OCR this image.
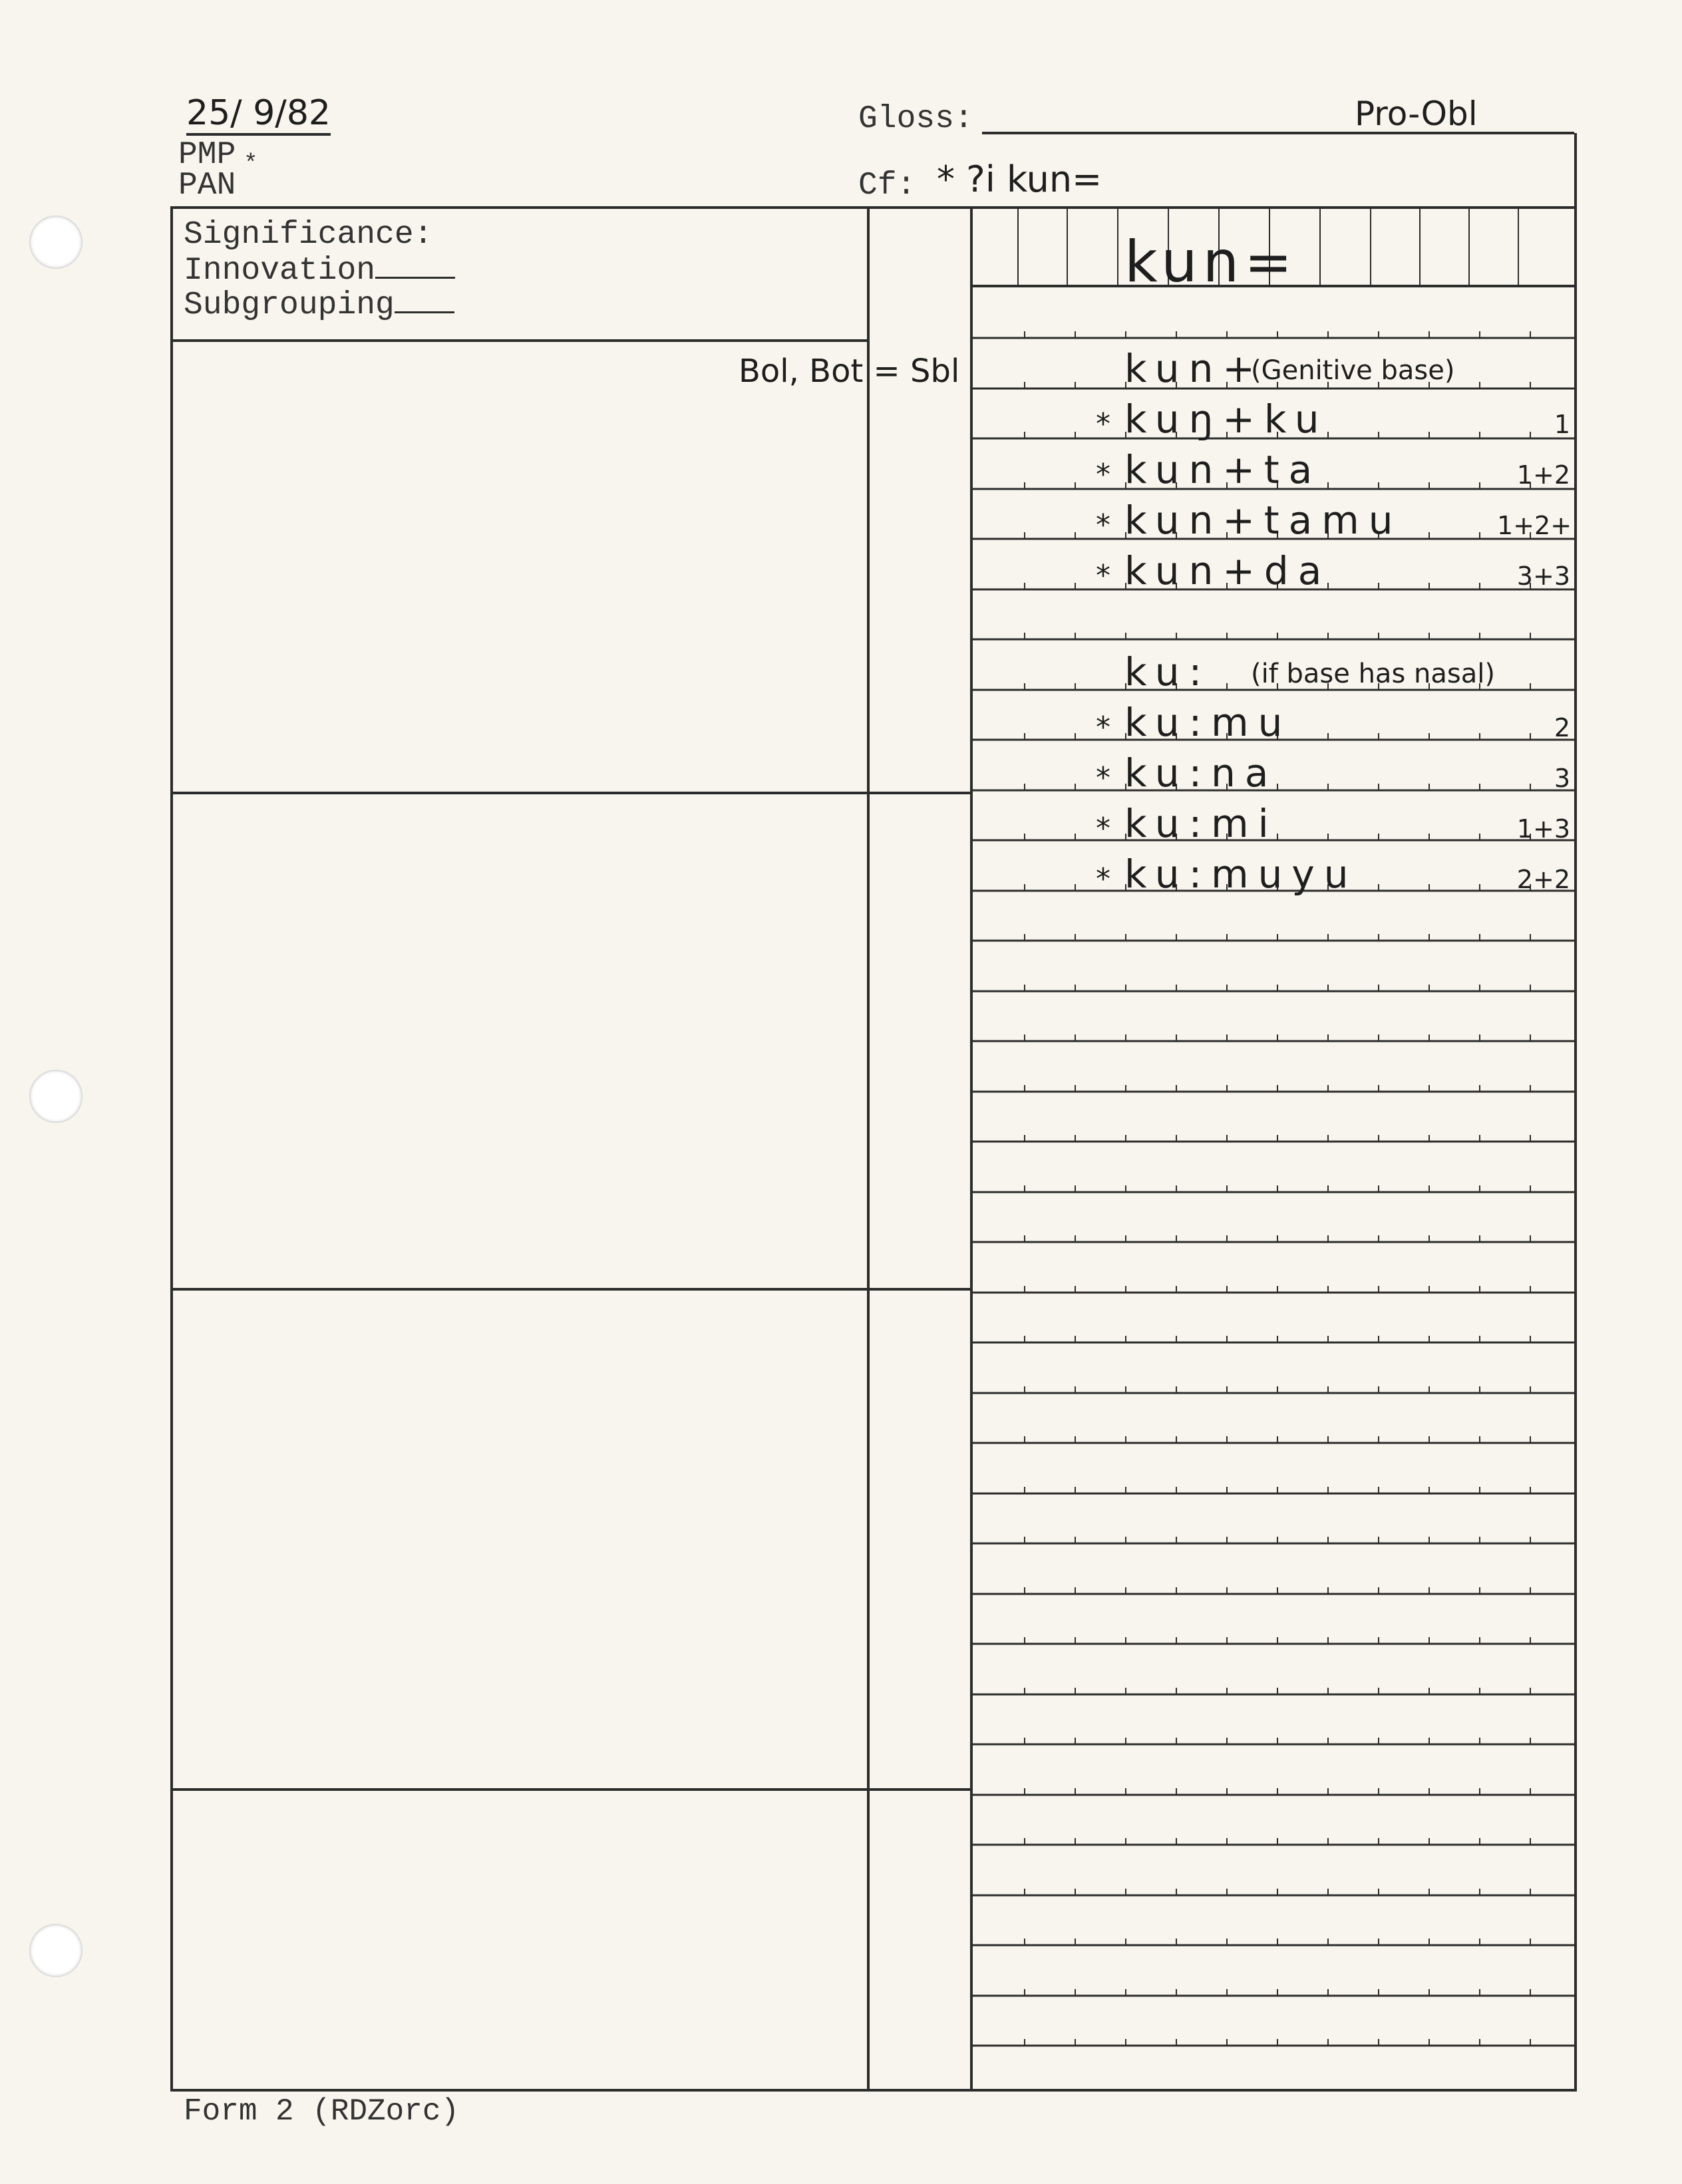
25/ 9/82
PMP *
PAN
Gloss:	Pro-Obl
Cf: * ?i kun=
Significance:
Innovation
Subgrouping
kun=
Bol, Bot = Sbl	kun+
(Genitive base)
* kuŋ+ku	1
* kun+ta	1+2
* kun+tamu	1+2+
* kun+da	3+3
ku: (if base has nasal)
* ku:mu	2
* ku:na	3
* ku:mi	1+3
* ku:muyu	2+2
Form 2 (RDZorc)
